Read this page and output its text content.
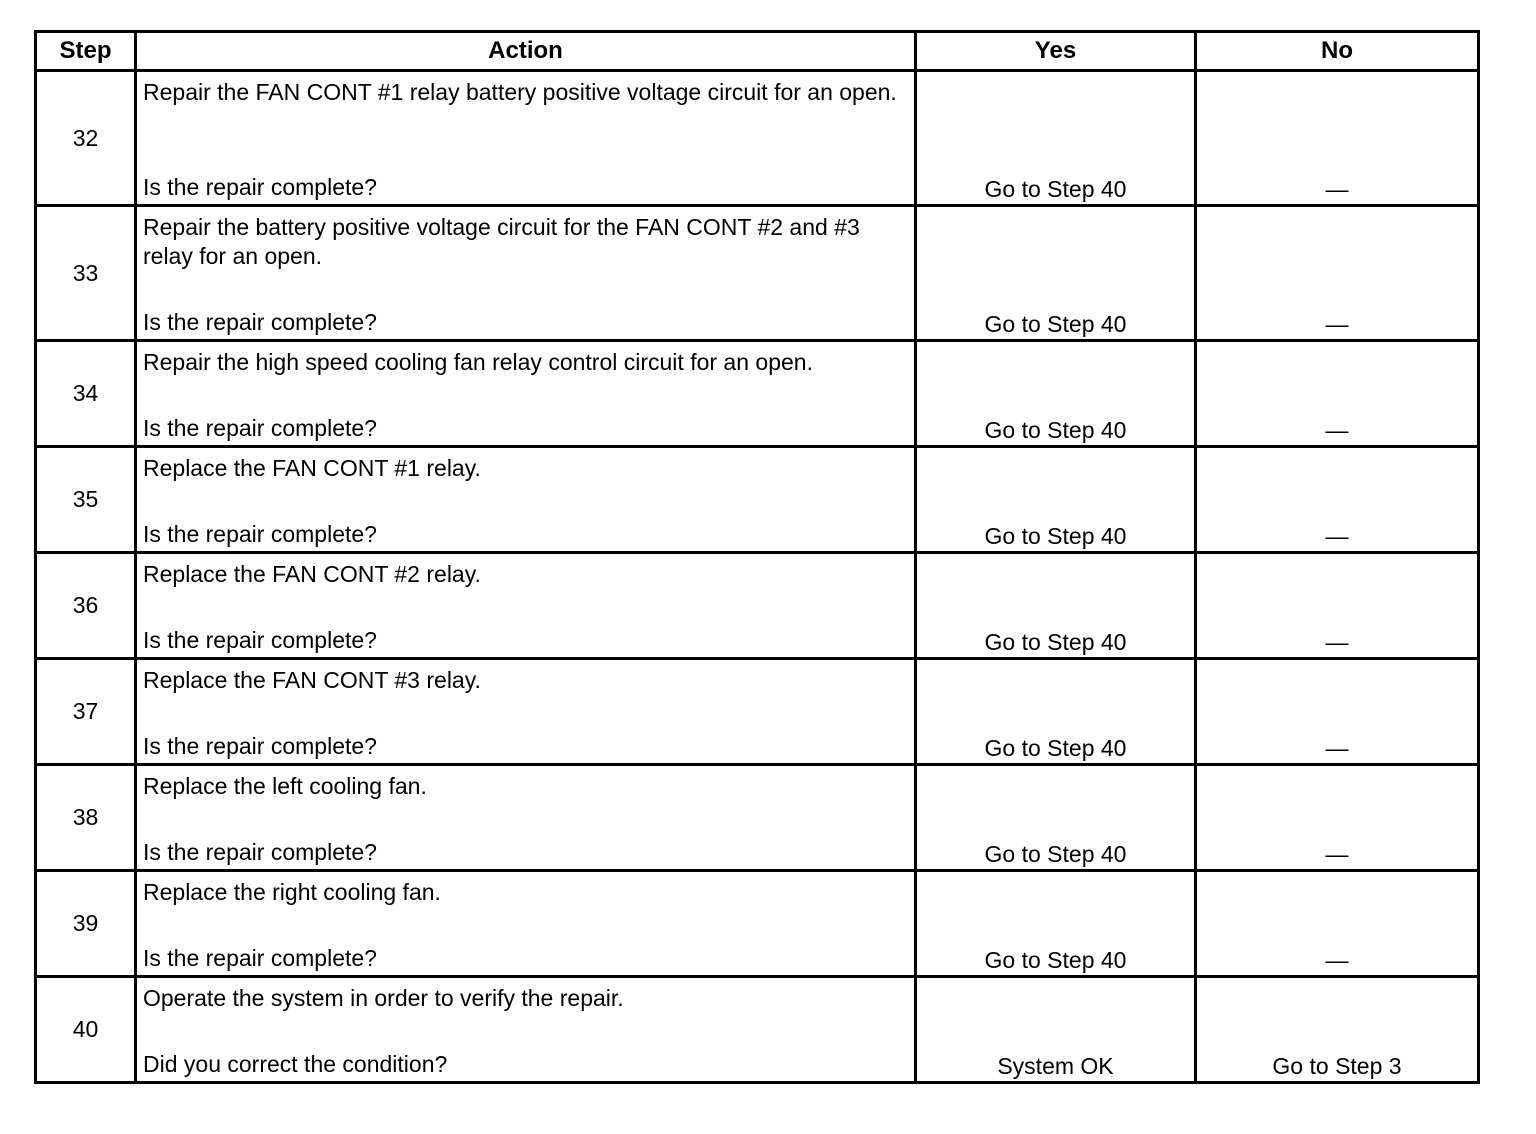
Step	Action	Yes	No
32	Repair the FAN CONT #1 relay battery positive voltage circuit for an open.
Is the repair complete?	Go to Step 40	—
33	Repair the battery positive voltage circuit for the FAN CONT #2 and #3 relay for an open.
Is the repair complete?	Go to Step 40	—
34	Repair the high speed cooling fan relay control circuit for an open.
Is the repair complete?	Go to Step 40	—
35	Replace the FAN CONT #1 relay.
Is the repair complete?	Go to Step 40	—
36	Replace the FAN CONT #2 relay.
Is the repair complete?	Go to Step 40	—
37	Replace the FAN CONT #3 relay.
Is the repair complete?	Go to Step 40	—
38	Replace the left cooling fan.
Is the repair complete?	Go to Step 40	—
39	Replace the right cooling fan.
Is the repair complete?	Go to Step 40	—
40	Operate the system in order to verify the repair.
Did you correct the condition?	System OK	Go to Step 3
